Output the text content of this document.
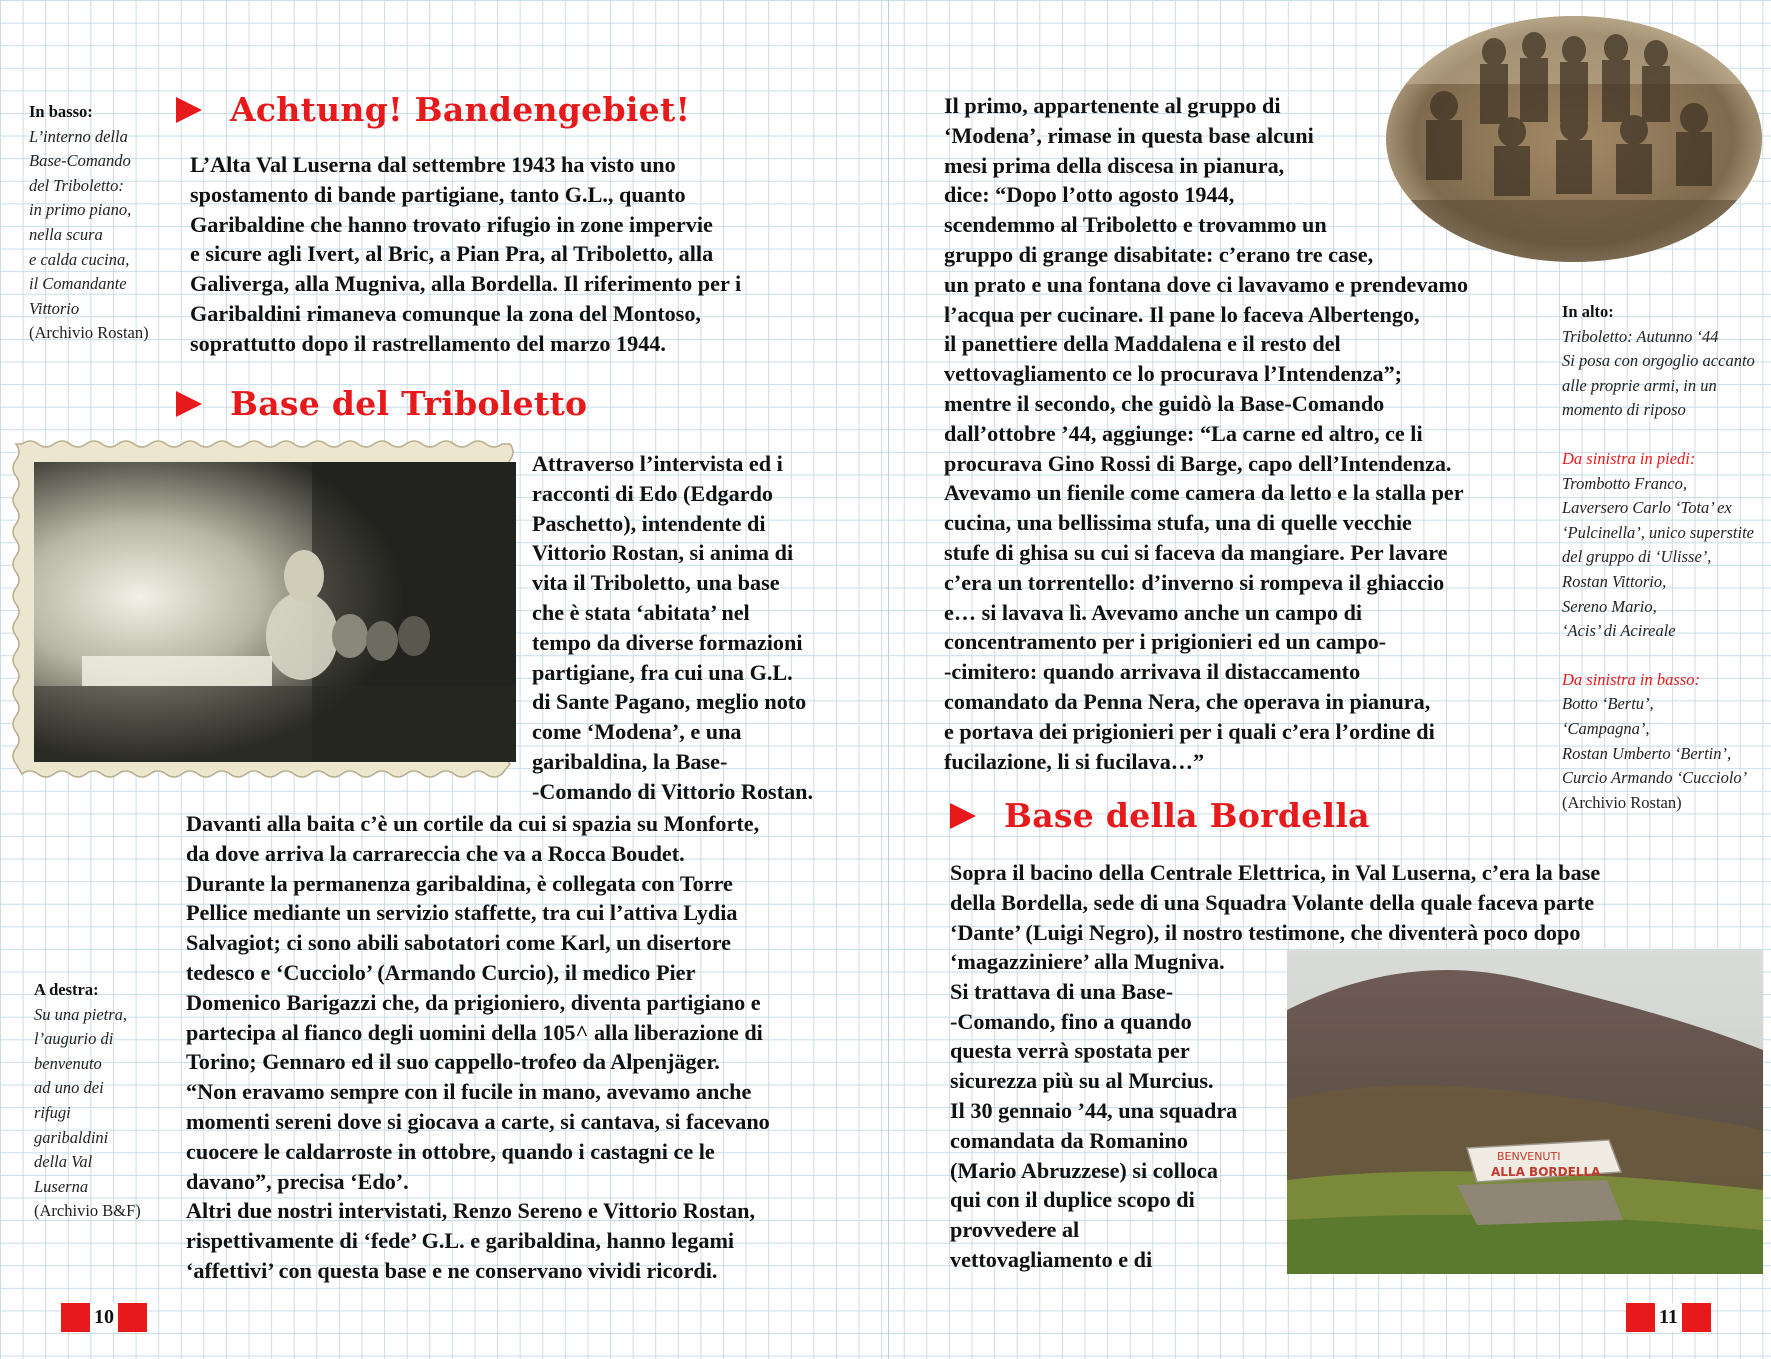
In basso:
L’interno della
Base-Comando
del Triboletto:
in primo piano,
nella scura
e calda cucina,
il Comandante
Vittorio
(Archivio Rostan)
Achtung! Bandengebiet!
L’Alta Val Luserna dal settembre 1943 ha visto uno
spostamento di bande partigiane, tanto G.L., quanto
Garibaldine che hanno trovato rifugio in zone impervie
e sicure agli Ivert, al Bric, a Pian Pra, al Triboletto, alla
Galiverga, alla Mugniva, alla Bordella. Il riferimento per i
Garibaldini rimaneva comunque la zona del Montoso,
soprattutto dopo il rastrellamento del marzo 1944.
Base del Triboletto
Attraverso l’intervista ed i
racconti di Edo (Edgardo
Paschetto), intendente di
Vittorio Rostan, si anima di
vita il Triboletto, una base
che è stata ‘abitata’ nel
tempo da diverse formazioni
partigiane, fra cui una G.L.
di Sante Pagano, meglio noto
come ‘Modena’, e una
garibaldina, la Base-
-Comando di Vittorio Rostan.
Davanti alla baita c’è un cortile da cui si spazia su Monforte,
da dove arriva la carrareccia che va a Rocca Boudet.
Durante la permanenza garibaldina, è collegata con Torre
Pellice mediante un servizio staffette, tra cui l’attiva Lydia
Salvagiot; ci sono abili sabotatori come Karl, un disertore
tedesco e ‘Cucciolo’ (Armando Curcio), il medico Pier
Domenico Barigazzi che, da prigioniero, diventa partigiano e
partecipa al fianco degli uomini della 105^ alla liberazione di
Torino; Gennaro ed il suo cappello-trofeo da Alpenjäger.
“Non eravamo sempre con il fucile in mano, avevamo anche
momenti sereni dove si giocava a carte, si cantava, si facevano
cuocere le caldarroste in ottobre, quando i castagni ce le
davano”, precisa ‘Edo’.
Altri due nostri intervistati, Renzo Sereno e Vittorio Rostan,
rispettivamente di ‘fede’ G.L. e garibaldina, hanno legami
‘affettivi’ con questa base e ne conservano vividi ricordi.
A destra:
Su una pietra,
l’augurio di
benvenuto
ad uno dei
rifugi
garibaldini
della Val
Luserna
(Archivio B&F)
10
Il primo, appartenente al gruppo di
‘Modena’, rimase in questa base alcuni
mesi prima della discesa in pianura,
dice: “Dopo l’otto agosto 1944,
scendemmo al Triboletto e trovammo un
gruppo di grange disabitate: c’erano tre case,
un prato e una fontana dove ci lavavamo e prendevamo
l’acqua per cucinare. Il pane lo faceva Albertengo,
il panettiere della Maddalena e il resto del
vettovagliamento ce lo procurava l’Intendenza”;
mentre il secondo, che guidò la Base-Comando
dall’ottobre ’44, aggiunge: “La carne ed altro, ce li
procurava Gino Rossi di Barge, capo dell’Intendenza.
Avevamo un fienile come camera da letto e la stalla per
cucina, una bellissima stufa, una di quelle vecchie
stufe di ghisa su cui si faceva da mangiare. Per lavare
c’era un torrentello: d’inverno si rompeva il ghiaccio
e… si lavava lì. Avevamo anche un campo di
concentramento per i prigionieri ed un campo-
-cimitero: quando arrivava il distaccamento
comandato da Penna Nera, che operava in pianura,
e portava dei prigionieri per i quali c’era l’ordine di
fucilazione, li si fucilava…”
In alto:
Triboletto: Autunno ‘44
Si posa con orgoglio accanto
alle proprie armi, in un
momento di riposo
Da sinistra in piedi:
Trombotto Franco,
Laversero Carlo ‘Tota’ ex
‘Pulcinella’, unico superstite
del gruppo di ‘Ulisse’,
Rostan Vittorio,
Sereno Mario,
‘Acis’ di Acireale
Da sinistra in basso:
Botto ‘Bertu’,
‘Campagna’,
Rostan Umberto ‘Bertin’,
Curcio Armando ‘Cucciolo’
(Archivio Rostan)
Base della Bordella
Sopra il bacino della Centrale Elettrica, in Val Luserna, c’era la base
della Bordella, sede di una Squadra Volante della quale faceva parte
‘Dante’ (Luigi Negro), il nostro testimone, che diventerà poco dopo
‘magazziniere’ alla Mugniva.
Si trattava di una Base-
-Comando, fino a quando
questa verrà spostata per
sicurezza più su al Murcius.
Il 30 gennaio ’44, una squadra
comandata da Romanino
(Mario Abruzzese) si colloca
qui con il duplice scopo di
provvedere al
vettovagliamento e di
BENVENUTI
ALLA BORDELLA
11
